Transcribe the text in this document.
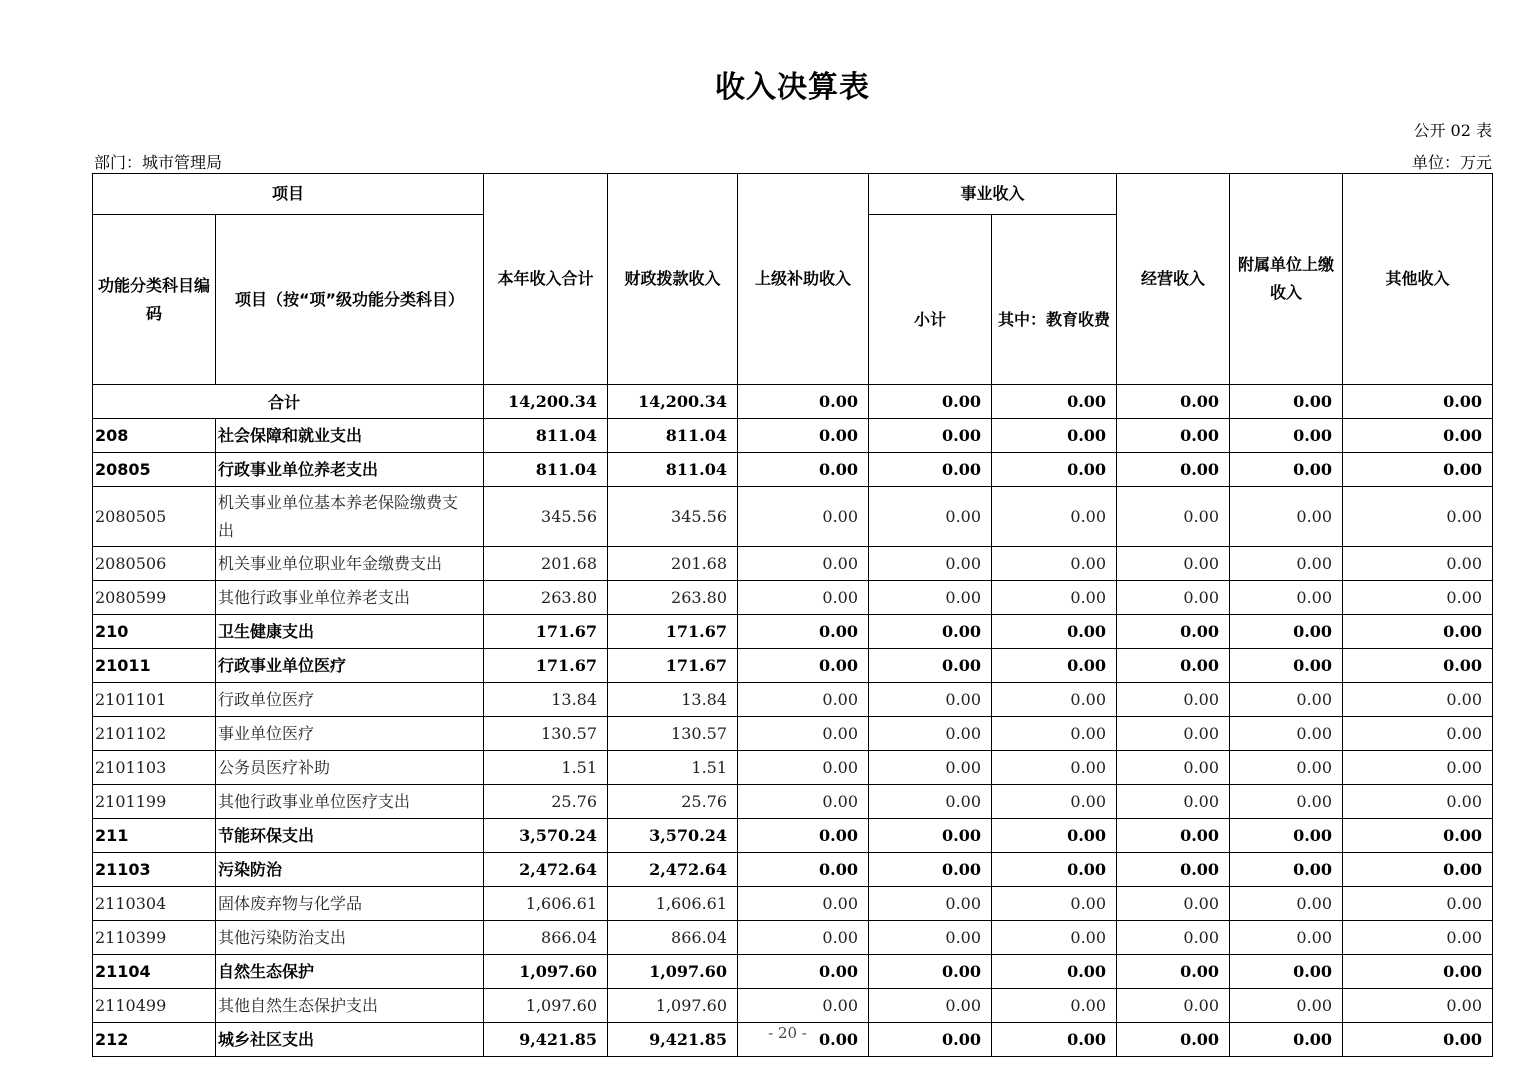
收入决算表
公开 02 表
部门：城市管理局	单位：万元
项目		本年收入合计	财政拨款收入	上级补助收入	事业收入		经营收入	附属单位上缴收入	其他收入
功能分类科目编码	项目（按“项”级功能分类科目）				小计	其中：教育收费			
合计		14,200.34	14,200.34	0.00	0.00	0.00	0.00	0.00	0.00
208	社会保障和就业支出	811.04	811.04	0.00	0.00	0.00	0.00	0.00	0.00
20805	行政事业单位养老支出	811.04	811.04	0.00	0.00	0.00	0.00	0.00	0.00
2080505	机关事业单位基本养老保险缴费支出	345.56	345.56	0.00	0.00	0.00	0.00	0.00	0.00
2080506	机关事业单位职业年金缴费支出	201.68	201.68	0.00	0.00	0.00	0.00	0.00	0.00
2080599	其他行政事业单位养老支出	263.80	263.80	0.00	0.00	0.00	0.00	0.00	0.00
210	卫生健康支出	171.67	171.67	0.00	0.00	0.00	0.00	0.00	0.00
21011	行政事业单位医疗	171.67	171.67	0.00	0.00	0.00	0.00	0.00	0.00
2101101	行政单位医疗	13.84	13.84	0.00	0.00	0.00	0.00	0.00	0.00
2101102	事业单位医疗	130.57	130.57	0.00	0.00	0.00	0.00	0.00	0.00
2101103	公务员医疗补助	1.51	1.51	0.00	0.00	0.00	0.00	0.00	0.00
2101199	其他行政事业单位医疗支出	25.76	25.76	0.00	0.00	0.00	0.00	0.00	0.00
211	节能环保支出	3,570.24	3,570.24	0.00	0.00	0.00	0.00	0.00	0.00
21103	污染防治	2,472.64	2,472.64	0.00	0.00	0.00	0.00	0.00	0.00
2110304	固体废弃物与化学品	1,606.61	1,606.61	0.00	0.00	0.00	0.00	0.00	0.00
2110399	其他污染防治支出	866.04	866.04	0.00	0.00	0.00	0.00	0.00	0.00
21104	自然生态保护	1,097.60	1,097.60	0.00	0.00	0.00	0.00	0.00	0.00
2110499	其他自然生态保护支出	1,097.60	1,097.60	0.00	0.00	0.00	0.00	0.00	0.00
212	城乡社区支出	9,421.85	9,421.85	0.00	0.00	0.00	0.00	0.00	0.00
- 20 -
